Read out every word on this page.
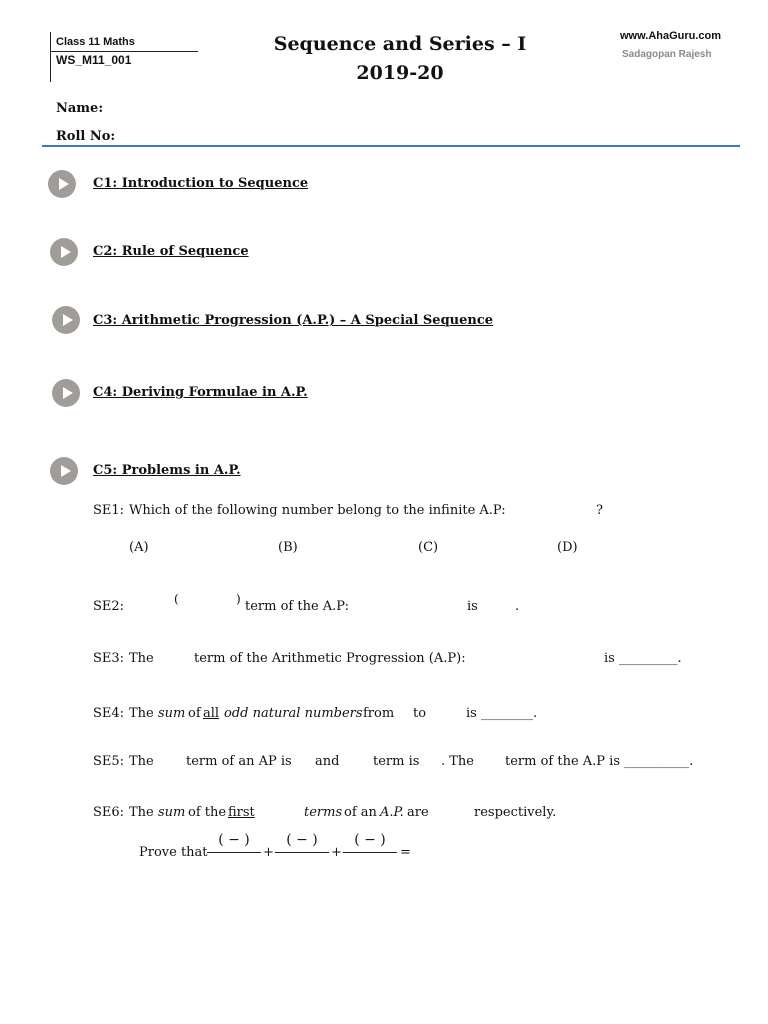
Class 11 Maths
WS_M11_001
Sequence and Series – I
2019-20
www.AhaGuru.com
Sadagopan Rajesh
Name:
Roll No:
C1: Introduction to Sequence
C2: Rule of Sequence
C3: Arithmetic Progression (A.P.) – A Special Sequence
C4: Deriving Formulae in A.P.
C5: Problems in A.P.
SE1: Which of the following number belong to the infinite A.P:	?
(A)	(B)	(C)	(D)
SE2:	(	) term of the A.P:	is	.
SE3: The	term of the Arithmetic Progression (A.P):	is _________.
SE4: The sum of all odd natural numbers from to	is ________.
SE5: The term of an AP is and	term is . The term of the A.P is __________.
SE6: The sum of the first	terms of an A.P. are	respectively.
Prove that
( − )
+
( − )
+
( − )
=
